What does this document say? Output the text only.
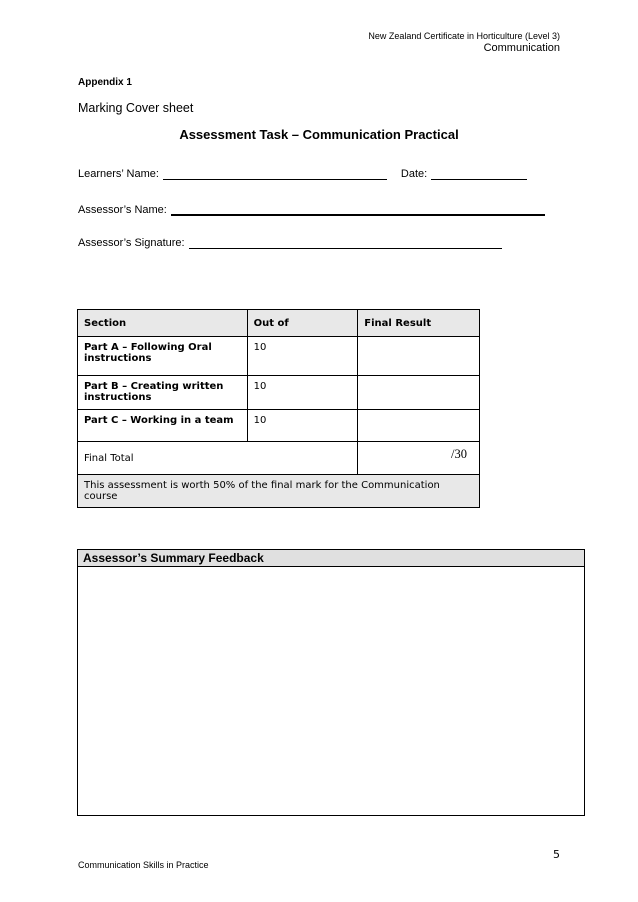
New Zealand Certificate in Horticulture (Level 3)
Communication
Appendix 1
Marking Cover sheet
Assessment Task – Communication Practical
Learners’ Name:	Date:
Assessor’s Name:
Assessor’s Signature:
Section	Out of	Final Result
Part A – Following Oral instructions	10	
Part B – Creating written instructions	10	
Part C – Working in a team	10	
Final Total		/30
This assessment is worth 50% of the final mark for the Communication course		
Assessor’s Summary Feedback
5
Communication Skills in Practice
